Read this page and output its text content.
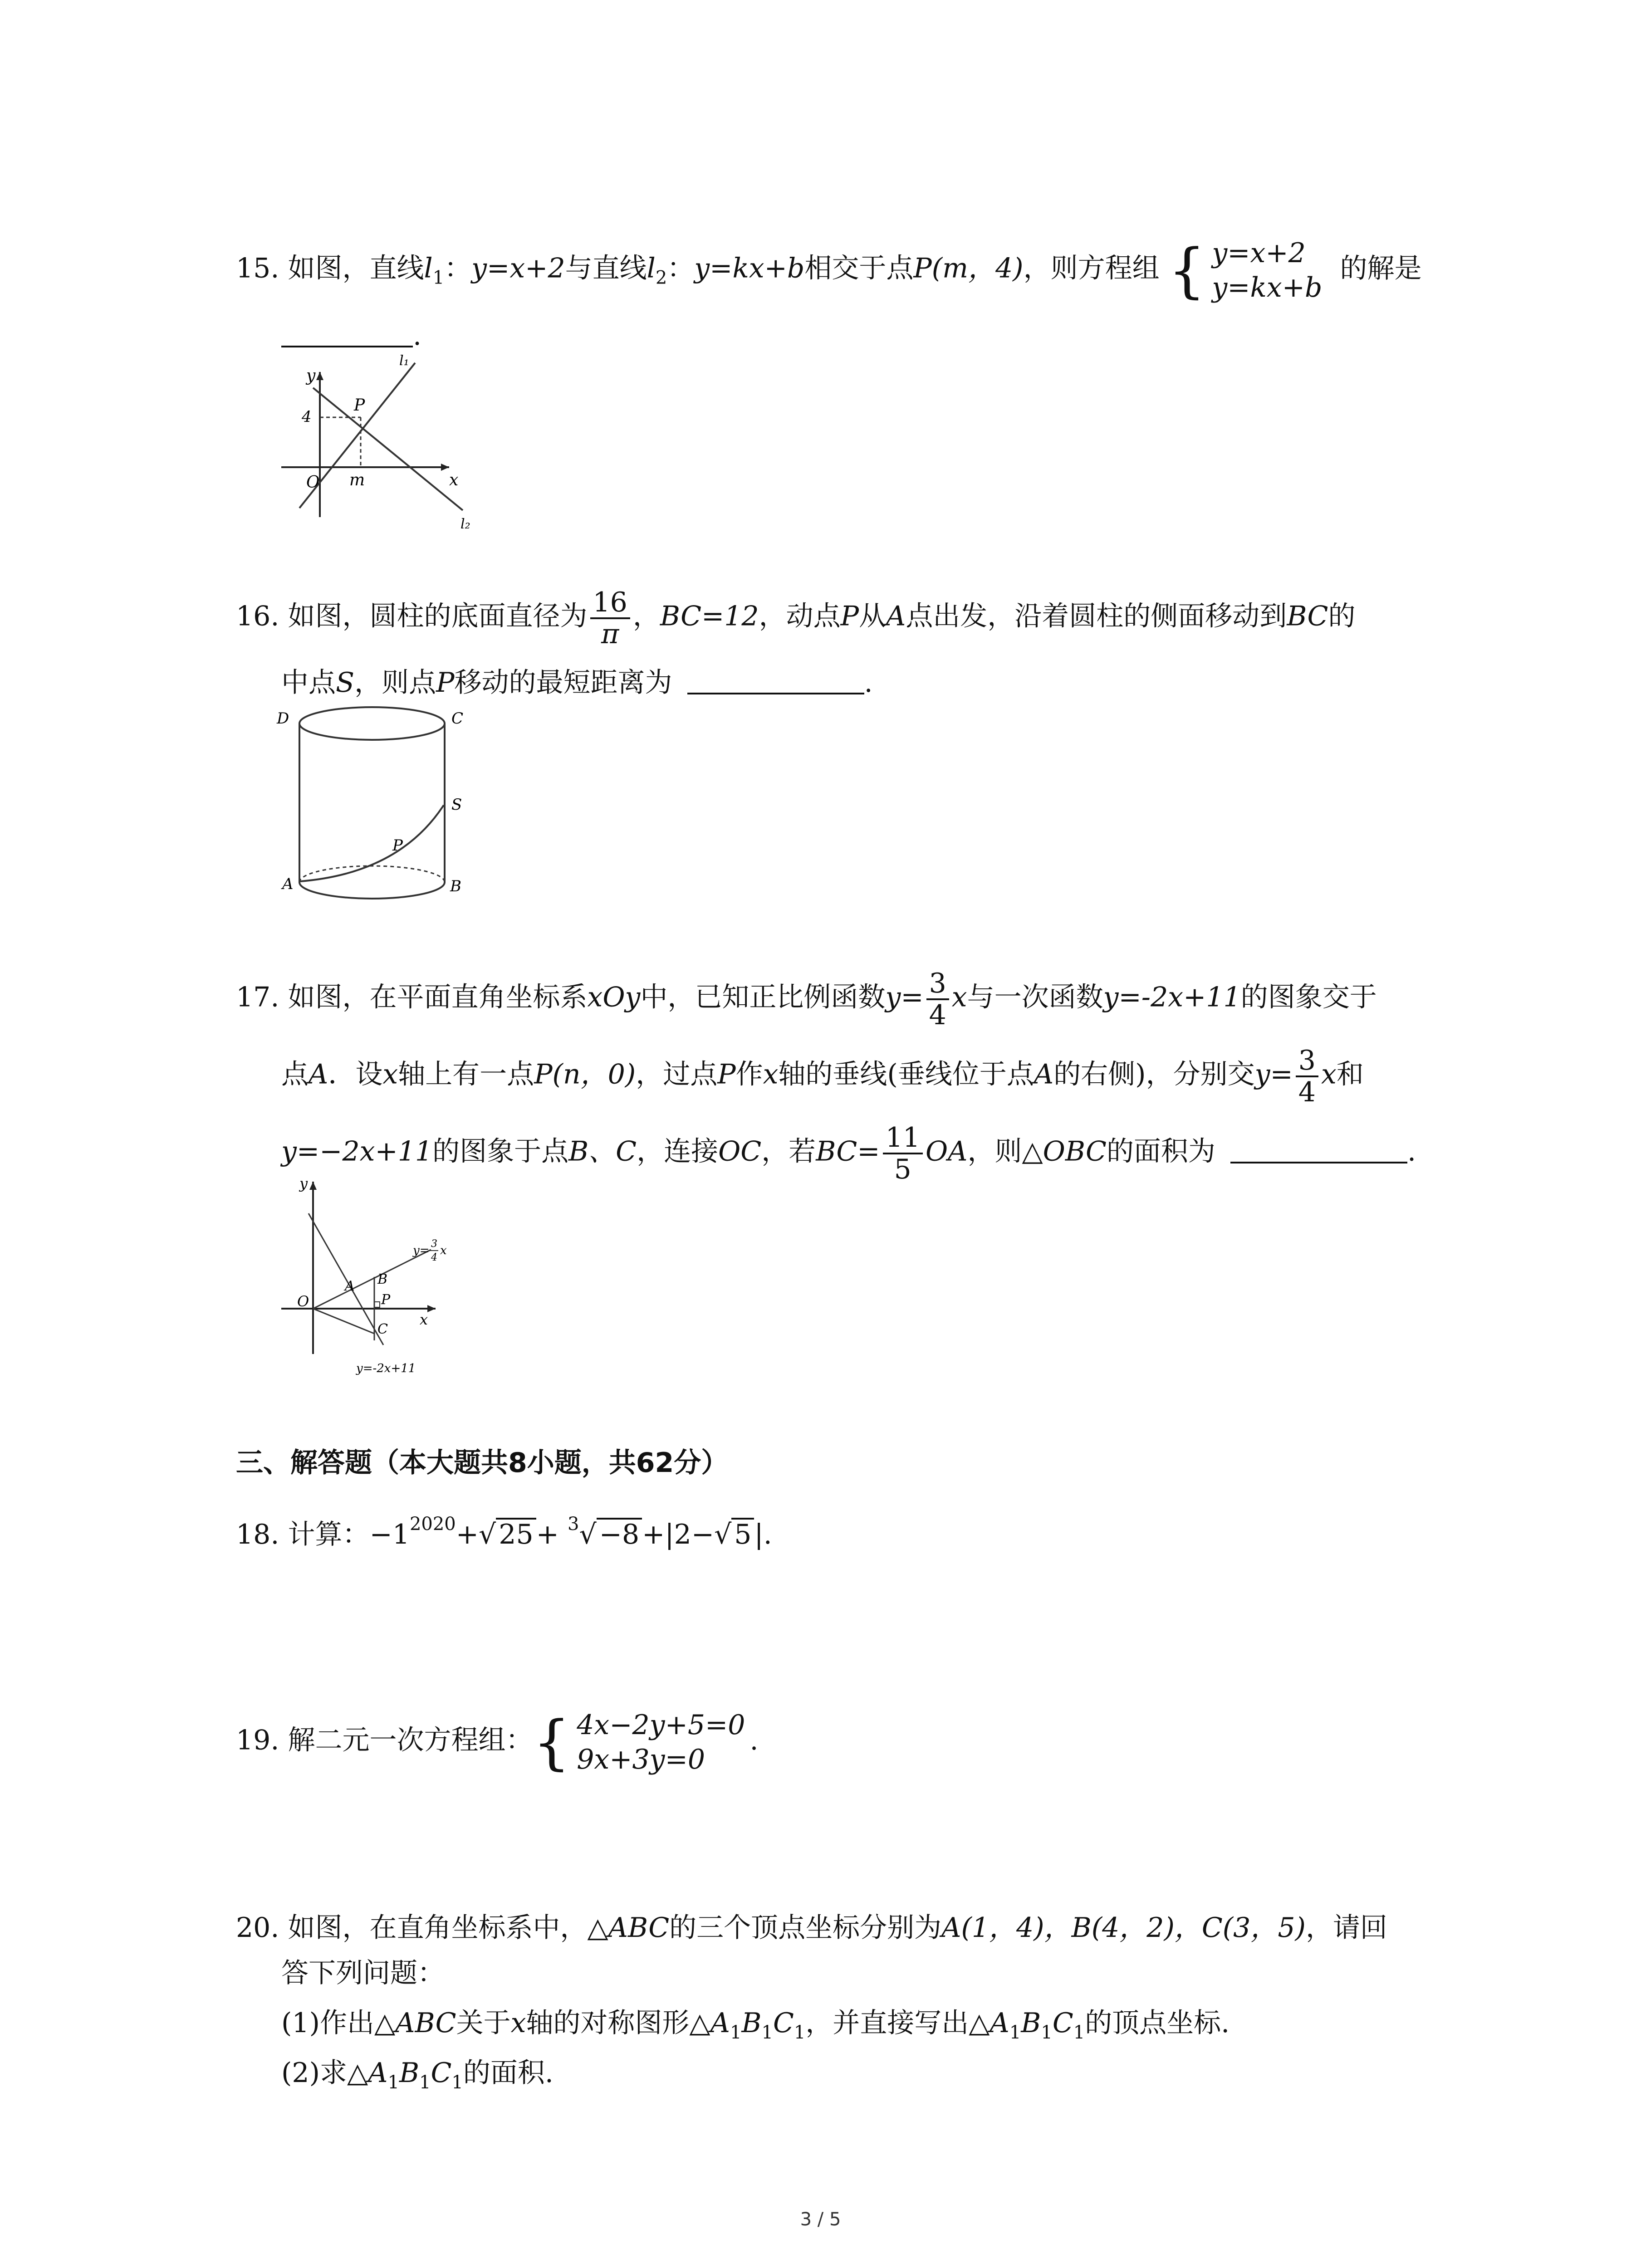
15. 如图，直线$l_1$：y=x+2与直线$l_2$：y=kx+b相交于点P(m，4)，则方程组 { y=x+2
y=kx+b
的解是
.
y
x
O m
P
4
l₁
l₂
16. 如图，圆柱的底面直径为 $\frac{16}{\pi}$ ，BC=12，动点P从A点出发，沿着圆柱的侧面移动到BC的
中点S，则点P移动的最短距离为	.
D	C
S
P
A	B
17. 如图，在平面直角坐标系xOy中，已知正比例函数$y= \frac{3}{4}$ x与一次函数y=-2x+11的图象交于
点A．设x轴上有一点P(n，0)，过点P作x轴的垂线(垂线位于点A的右侧)，分别交$y= \frac{3}{4}$ x和
y=−2x+11的图象于点B、C，连接OC，若$BC= \frac{11}{5}$ OA，则△OBC的面积为	.
y
x
O
A B
P
C
y= 3
4
x
y=-2x+11
三、解答题（本大题共8小题，共62分）
18. 计算：$-1^{2020}+√$ 25 + $^3$√ −8 +|2−√ 5 |.
19. 解二元一次方程组：{ 4x−2y+5=0
9x+3y=0
.
20. 如图，在直角坐标系中，△ABC的三个顶点坐标分别为A(1，4)，B(4，2)，C(3，5)，请回
答下列问题：
(1)作出△ABC关于x轴的对称图形$\triangle A_1B_1C_1$，并直接写出$\triangle A_1B_1C_1$的顶点坐标.
(2)求$\triangle A_1B_1C_1$的面积.
3 / 5
